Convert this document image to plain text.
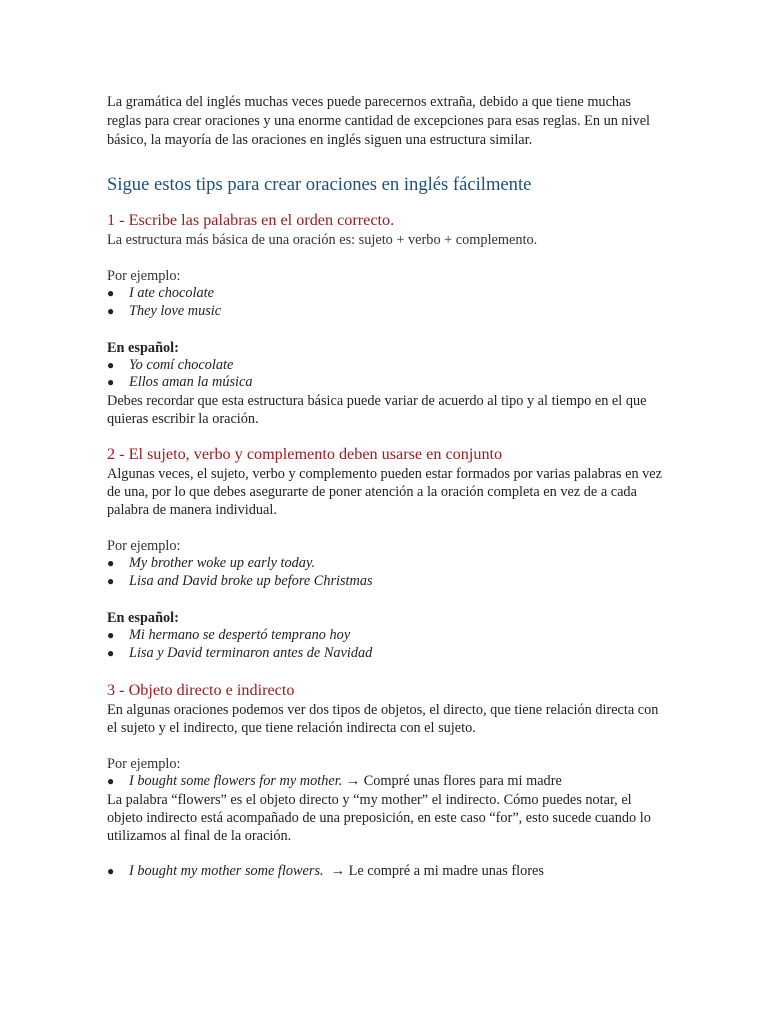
La gramática del inglés muchas veces puede parecernos extraña, debido a que tiene muchas reglas para crear oraciones y una enorme cantidad de excepciones para esas reglas. En un nivel básico, la mayoría de las oraciones en inglés siguen una estructura similar.

Sigue estos tips para crear oraciones en inglés fácilmente
1 - Escribe las palabras en el orden correcto.

La estructura más básica de una oración es: sujeto + verbo + complemento.

Por ejemplo:

● I ate chocolate
● They love music

En español:

● Yo comí chocolate
● Ellos aman la música

Debes recordar que esta estructura básica puede variar de acuerdo al tipo y al tiempo en el que quieras escribir la oración.

2 - El sujeto, verbo y complemento deben usarse en conjunto

Algunas veces, el sujeto, verbo y complemento pueden estar formados por varias palabras en vez de una, por lo que debes asegurarte de poner atención a la oración completa en vez de a cada palabra de manera individual.

Por ejemplo:

● My brother woke up early today.
● Lisa and David broke up before Christmas

En español:

● Mi hermano se despertó temprano hoy
● Lisa y David terminaron antes de Navidad
3 - Objeto directo e indirecto

En algunas oraciones podemos ver dos tipos de objetos, el directo, que tiene relación directa con el sujeto y el indirecto, que tiene relación indirecta con el sujeto.

Por ejemplo:

● I bought some flowers for my mother. → Compré unas flores para mi madre

La palabra “flowers” es el objeto directo y “my mother” el indirecto. Cómo puedes notar, el objeto indirecto está acompañado de una preposición, en este caso “for”, esto sucede cuando lo utilizamos al final de la oración.

● I bought my mother some flowers.  → Le compré a mi madre unas flores
